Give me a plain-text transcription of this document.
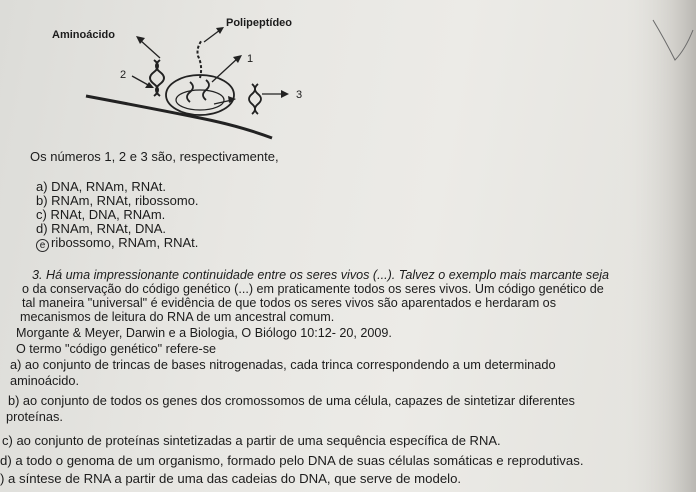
Aminoácido
Polipeptídeo
1
2
3
Os números 1, 2 e 3 são, respectivamente,
a) DNA, RNAm, RNAt.
b) RNAm, RNAt, ribossomo.
c) RNAt, DNA, RNAm.
d) RNAm, RNAt, DNA.
e ribossomo, RNAm, RNAt.
3. Há uma impressionante continuidade entre os seres vivos (...). Talvez o exemplo mais marcante seja
o da conservação do código genético (...) em praticamente todos os seres vivos. Um código genético de
tal maneira "universal" é evidência de que todos os seres vivos são aparentados e herdaram os
mecanismos de leitura do RNA de um ancestral comum.
Morgante & Meyer, Darwin e a Biologia, O Biólogo 10:12- 20, 2009.
O termo "código genético" refere-se
a) ao conjunto de trincas de bases nitrogenadas, cada trinca correspondendo a um determinado
aminoácido.
b) ao conjunto de todos os genes dos cromossomos de uma célula, capazes de sintetizar diferentes
proteínas.
c) ao conjunto de proteínas sintetizadas a partir de uma sequência específica de RNA.
d) a todo o genoma de um organismo, formado pelo DNA de suas células somáticas e reprodutivas.
) a síntese de RNA a partir de uma das cadeias do DNA, que serve de modelo.
